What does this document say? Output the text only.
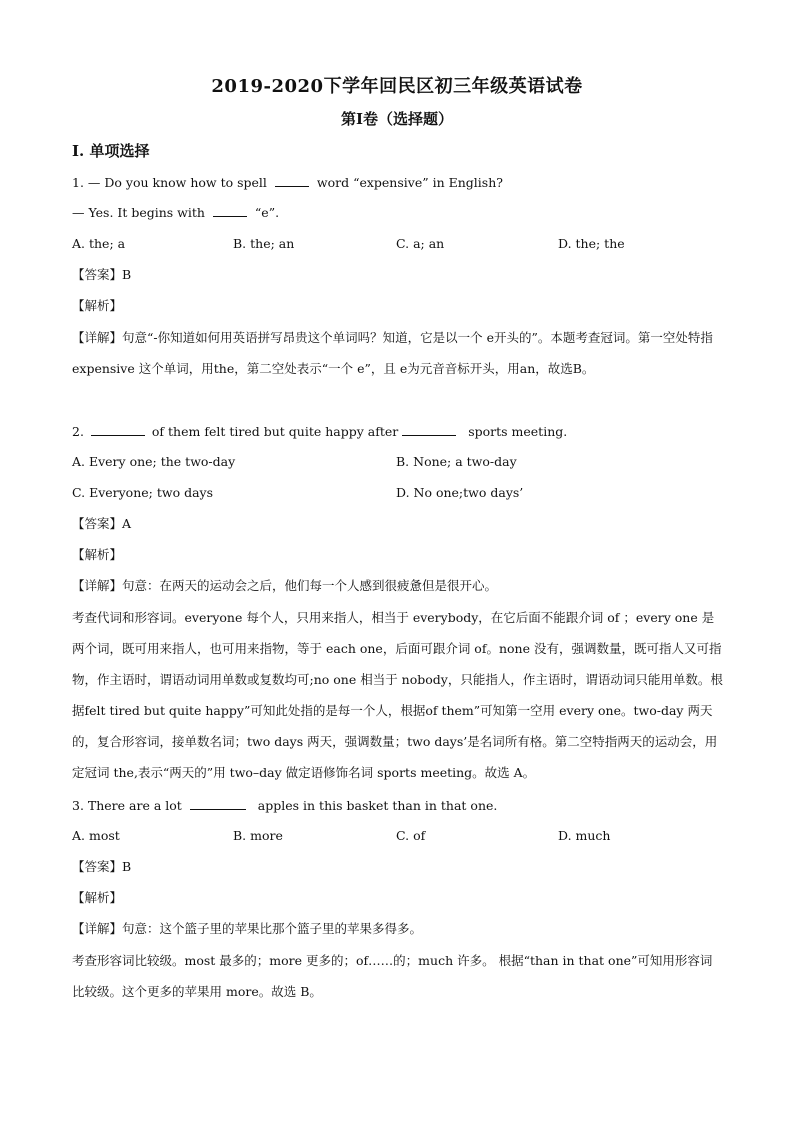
2019-2020下学年回民区初三年级英语试卷
第I卷（选择题）
I. 单项选择
1. — Do you know how to spell	word “expensive” in English?
— Yes. It begins with	“e”.
A. the; a	B. the; an	C. a; an	D. the; the
【答案】B
【解析】
【详解】句意“-你知道如何用英语拼写昂贵这个单词吗？知道，它是以一个 e开头的”。本题考查冠词。第一空处特指 expensive 这个单词，用the，第二空处表示“一个 e”，且 e为元音音标开头，用an，故选B。
2.	of them felt tired but quite happy after	sports meeting.
A. Every one; the two-day	B. None; a two-day
C. Everyone; two days	D. No one;two days’
【答案】A
【解析】
【详解】句意：在两天的运动会之后，他们每一个人感到很疲惫但是很开心。
考查代词和形容词。everyone 每个人，只用来指人，相当于 everybody，在它后面不能跟介词 of ；every one 是两个词，既可用来指人，也可用来指物，等于 each one，后面可跟介词 of。none 没有，强调数量，既可指人又可指物，作主语时，谓语动词用单数或复数均可;no one 相当于 nobody，只能指人，作主语时，谓语动词只能用单数。根据felt tired but quite happy”可知此处指的是每一个人，根据of them”可知第一空用 every one。two-day 两天的，复合形容词，接单数名词；two days 两天，强调数量；two days’是名词所有格。第二空特指两天的运动会，用定冠词 the,表示“两天的”用 two–day 做定语修饰名词 sports meeting。故选 A。
3. There are a lot	apples in this basket than in that one.
A. most	B. more	C. of	D. much
【答案】B
【解析】
【详解】句意：这个篮子里的苹果比那个篮子里的苹果多得多。
考查形容词比较级。most 最多的；more 更多的；of……的；much 许多。 根据“than in that one”可知用形容词比较级。这个更多的苹果用 more。故选 B。
